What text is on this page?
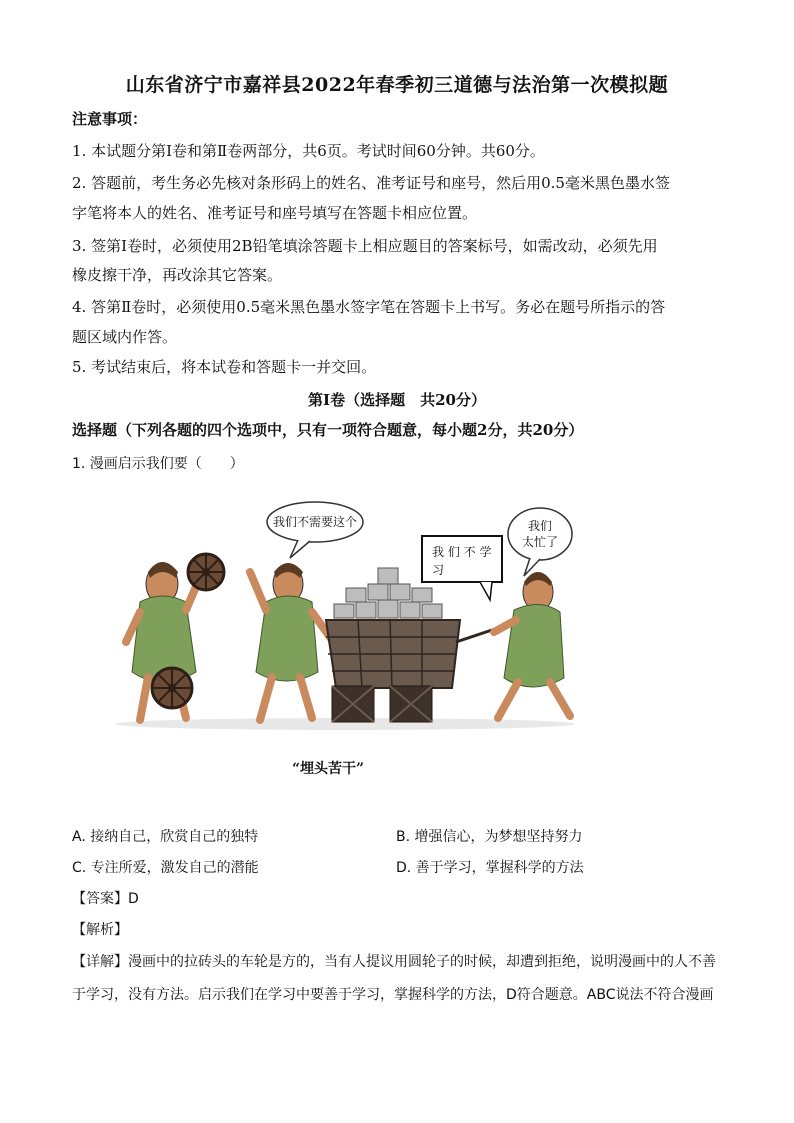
山东省济宁市嘉祥县2022年春季初三道德与法治第一次模拟题
注意事项：
1. 本试题分第Ⅰ卷和第Ⅱ卷两部分，共6页。考试时间60分钟。共60分。
2. 答题前，考生务必先核对条形码上的姓名、准考证号和座号，然后用0.5毫米黑色墨水签
字笔将本人的姓名、准考证号和座号填写在答题卡相应位置。
3. 签第Ⅰ卷时，必须使用2B铅笔填涂答题卡上相应题目的答案标号，如需改动，必须先用
橡皮擦干净，再改涂其它答案。
4. 答第Ⅱ卷时，必须使用0.5毫米黑色墨水签字笔在答题卡上书写。务必在题号所指示的答
题区域内作答。
5. 考试结束后，将本试卷和答题卡一并交回。
第Ⅰ卷（选择题　共20分）
选择题（下列各题的四个选项中，只有一项符合题意，每小题2分，共20分）
1. 漫画启示我们要（　　）
我们不需要这个
我 们 不 学
习
我们
太忙了
“埋头苦干”
A. 接纳自己，欣赏自己的独特	B. 增强信心，为梦想坚持努力
C. 专注所爱，激发自己的潜能	D. 善于学习，掌握科学的方法
【答案】D
【解析】
【详解】漫画中的拉砖头的车轮是方的，当有人提议用圆轮子的时候，却遭到拒绝，说明漫画中的人不善
于学习，没有方法。启示我们在学习中要善于学习，掌握科学的方法，D符合题意。ABC说法不符合漫画
